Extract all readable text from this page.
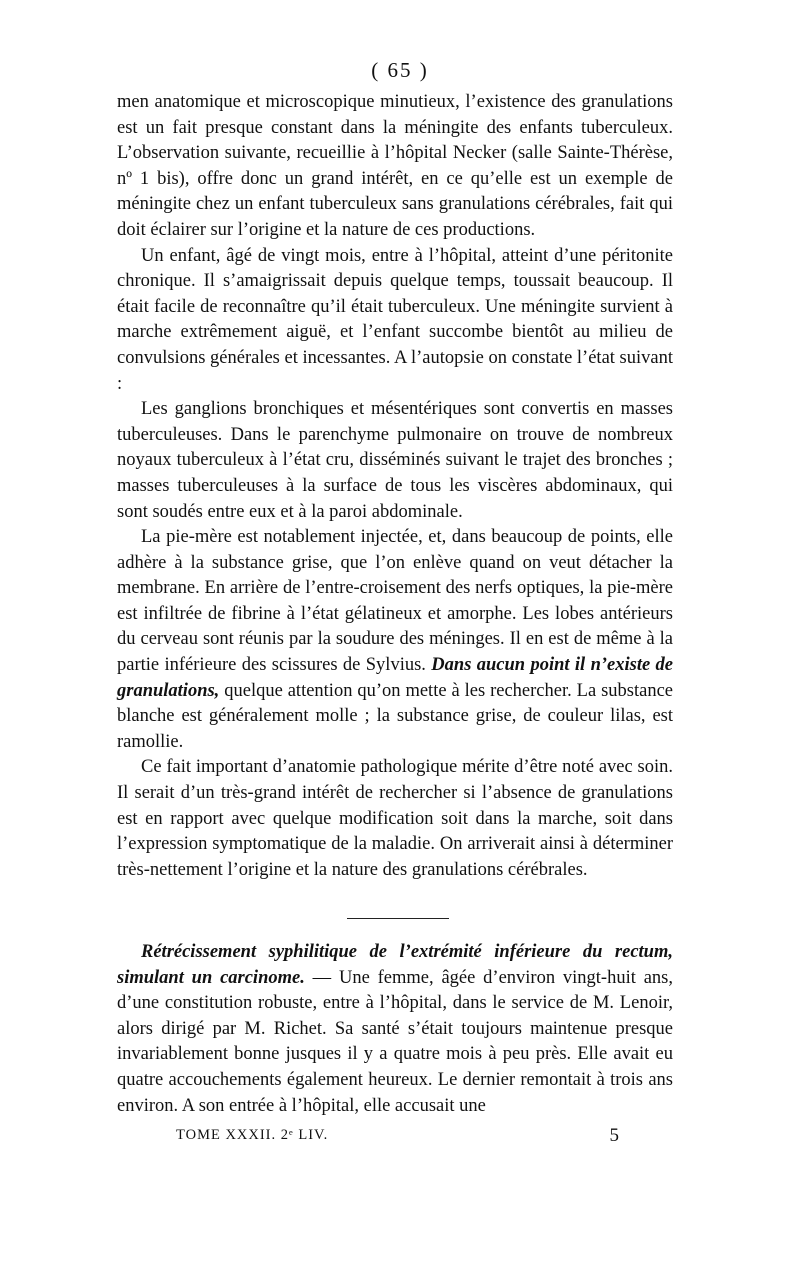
( 65 )

men anatomique et microscopique minutieux, l’existence des granulations est un fait presque constant dans la méningite des enfants tuberculeux. L’observation suivante, recueillie à l’hôpital Necker (salle Sainte-Thérèse, nº 1 bis), offre donc un grand intérêt, en ce qu’elle est un exemple de méningite chez un enfant tuberculeux sans granulations cérébrales, fait qui doit éclairer sur l’origine et la nature de ces productions.

Un enfant, âgé de vingt mois, entre à l’hôpital, atteint d’une péritonite chronique. Il s’amaigrissait depuis quelque temps, toussait beaucoup. Il était facile de reconnaître qu’il était tuberculeux. Une méningite survient à marche extrêmement aiguë, et l’enfant succombe bientôt au milieu de convulsions générales et incessantes. A l’autopsie on constate l’état suivant :

Les ganglions bronchiques et mésentériques sont convertis en masses tuberculeuses. Dans le parenchyme pulmonaire on trouve de nombreux noyaux tuberculeux à l’état cru, disséminés suivant le trajet des bronches ; masses tuberculeuses à la surface de tous les viscères abdominaux, qui sont soudés entre eux et à la paroi abdominale.

La pie-mère est notablement injectée, et, dans beaucoup de points, elle adhère à la substance grise, que l’on enlève quand on veut détacher la membrane. En arrière de l’entre-croisement des nerfs optiques, la pie-mère est infiltrée de fibrine à l’état gélatineux et amorphe. Les lobes antérieurs du cerveau sont réunis par la soudure des méninges. Il en est de même à la partie inférieure des scissures de Sylvius. Dans aucun point il n’existe de granulations, quelque attention qu’on mette à les rechercher. La substance blanche est généralement molle ; la substance grise, de couleur lilas, est ramollie.

Ce fait important d’anatomie pathologique mérite d’être noté avec soin. Il serait d’un très-grand intérêt de rechercher si l’absence de granulations est en rapport avec quelque modification soit dans la marche, soit dans l’expression symptomatique de la maladie. On arriverait ainsi à déterminer très-nettement l’origine et la nature des granulations cérébrales.

Rétrécissement syphilitique de l’extrémité inférieure du rectum, simulant un carcinome. — Une femme, âgée d’environ vingt-huit ans, d’une constitution robuste, entre à l’hôpital, dans le service de M. Lenoir, alors dirigé par M. Richet. Sa santé s’était toujours maintenue presque invariablement bonne jusques il y a quatre mois à peu près. Elle avait eu quatre accouchements également heureux. Le dernier remontait à trois ans environ. A son entrée à l’hôpital, elle accusait une

TOME XXXII. 2ᵉ LIV.	5
